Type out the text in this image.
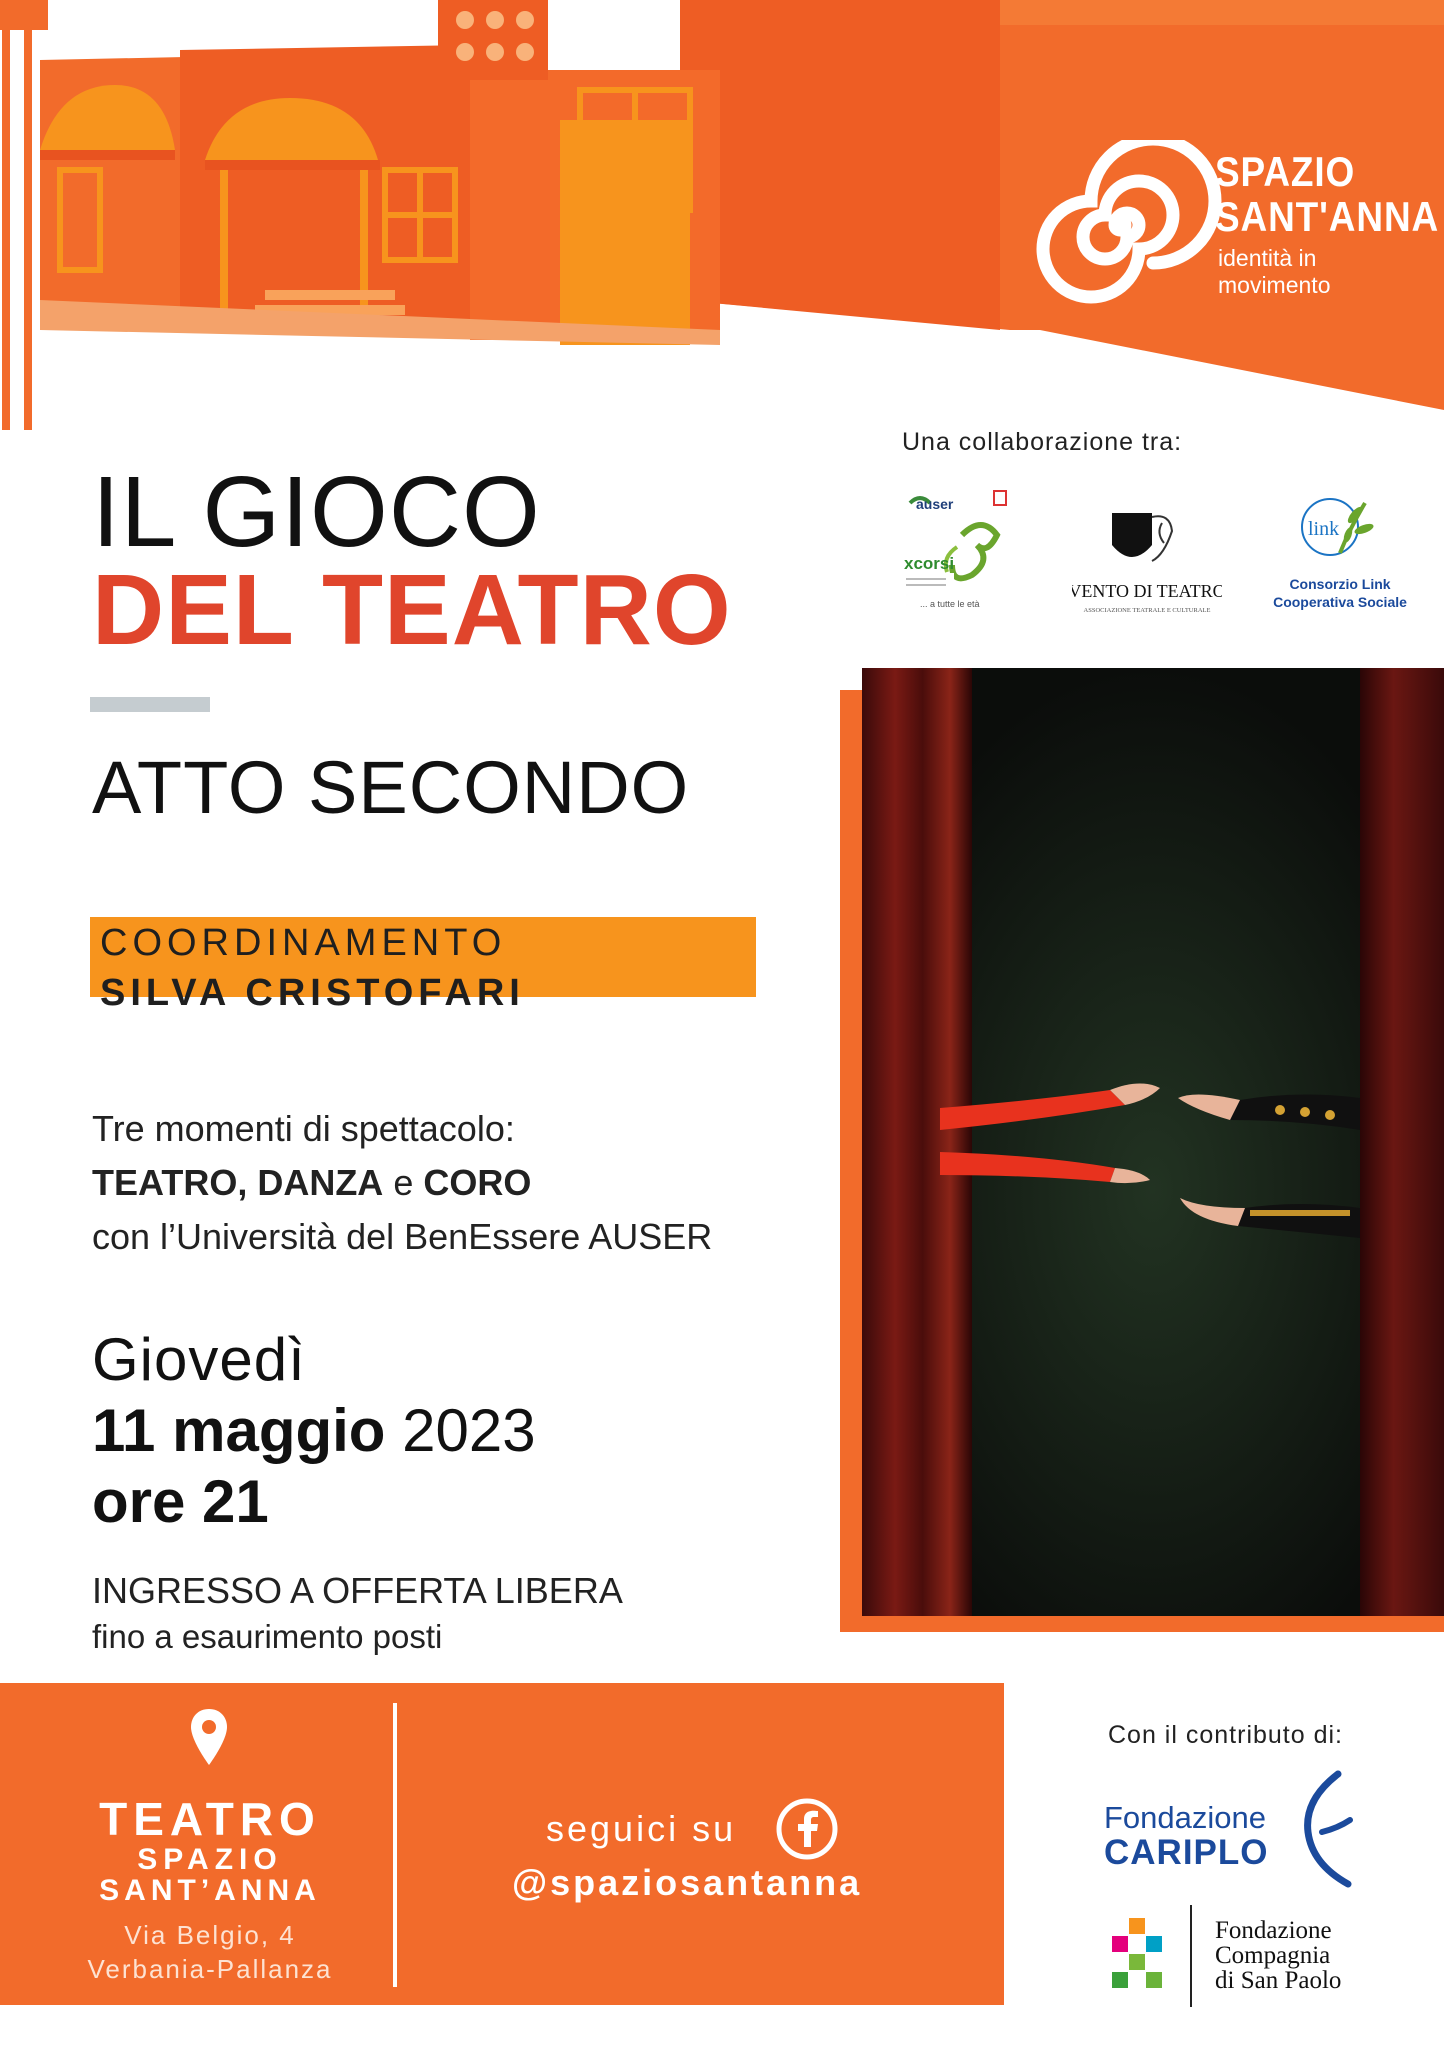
SPAZIO
SANT'ANNA
identità in
movimento
Una collaborazione tra:
auser
xcorsi
... a tutte le età
VENTO DI TEATRO
ASSOCIAZIONE TEATRALE E CULTURALE
link
Consorzio Link
Cooperativa Sociale
IL GIOCO
DEL TEATRO
ATTO SECONDO
COORDINAMENTO
SILVA CRISTOFARI
Tre momenti di spettacolo:
TEATRO, DANZA e CORO
con l’Università del BenEssere AUSER
Giovedì
11 maggio 2023
ore 21
INGRESSO A OFFERTA LIBERA
fino a esaurimento posti
TEATRO
SPAZIO
SANT’ANNA
Via Belgio, 4
Verbania-Pallanza
seguici su
@spaziosantanna
Con il contributo di:
Fondazione
CARIPLO
Fondazione
Compagnia
di San Paolo
